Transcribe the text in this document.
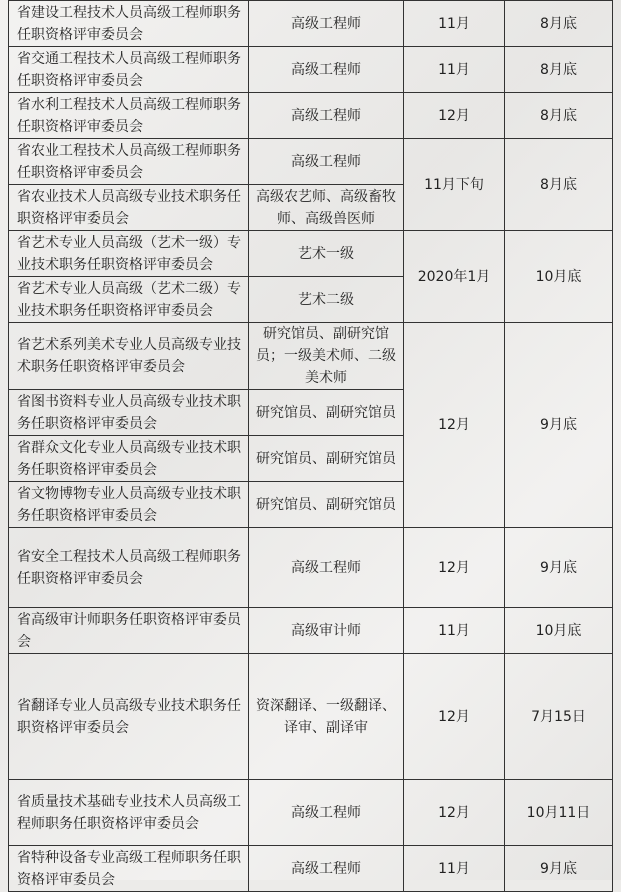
省建设工程技术人员高级工程师职务任职资格评审委员会	高级工程师	11月	8月底
省交通工程技术人员高级工程师职务任职资格评审委员会	高级工程师	11月	8月底
省水利工程技术人员高级工程师职务任职资格评审委员会	高级工程师	12月	8月底
省农业工程技术人员高级工程师职务任职资格评审委员会	高级工程师	11月下旬	8月底
省农业技术人员高级专业技术职务任职资格评审委员会	高级农艺师、高级畜牧师、高级兽医师		
省艺术专业人员高级（艺术一级）专业技术职务任职资格评审委员会	艺术一级	2020年1月	10月底
省艺术专业人员高级（艺术二级）专业技术职务任职资格评审委员会	艺术二级		
省艺术系列美术专业人员高级专业技术职务任职资格评审委员会	研究馆员、副研究馆员；一级美术师、二级美术师	12月	9月底
省图书资料专业人员高级专业技术职务任职资格评审委员会	研究馆员、副研究馆员		
省群众文化专业人员高级专业技术职务任职资格评审委员会	研究馆员、副研究馆员		
省文物博物专业人员高级专业技术职务任职资格评审委员会	研究馆员、副研究馆员		
省安全工程技术人员高级工程师职务任职资格评审委员会	高级工程师	12月	9月底
省高级审计师职务任职资格评审委员会	高级审计师	11月	10月底
省翻译专业人员高级专业技术职务任职资格评审委员会	资深翻译、一级翻译、译审、副译审	12月	7月15日
省质量技术基础专业技术人员高级工程师职务任职资格评审委员会	高级工程师	12月	10月11日
省特种设备专业高级工程师职务任职资格评审委员会	高级工程师	11月	9月底
